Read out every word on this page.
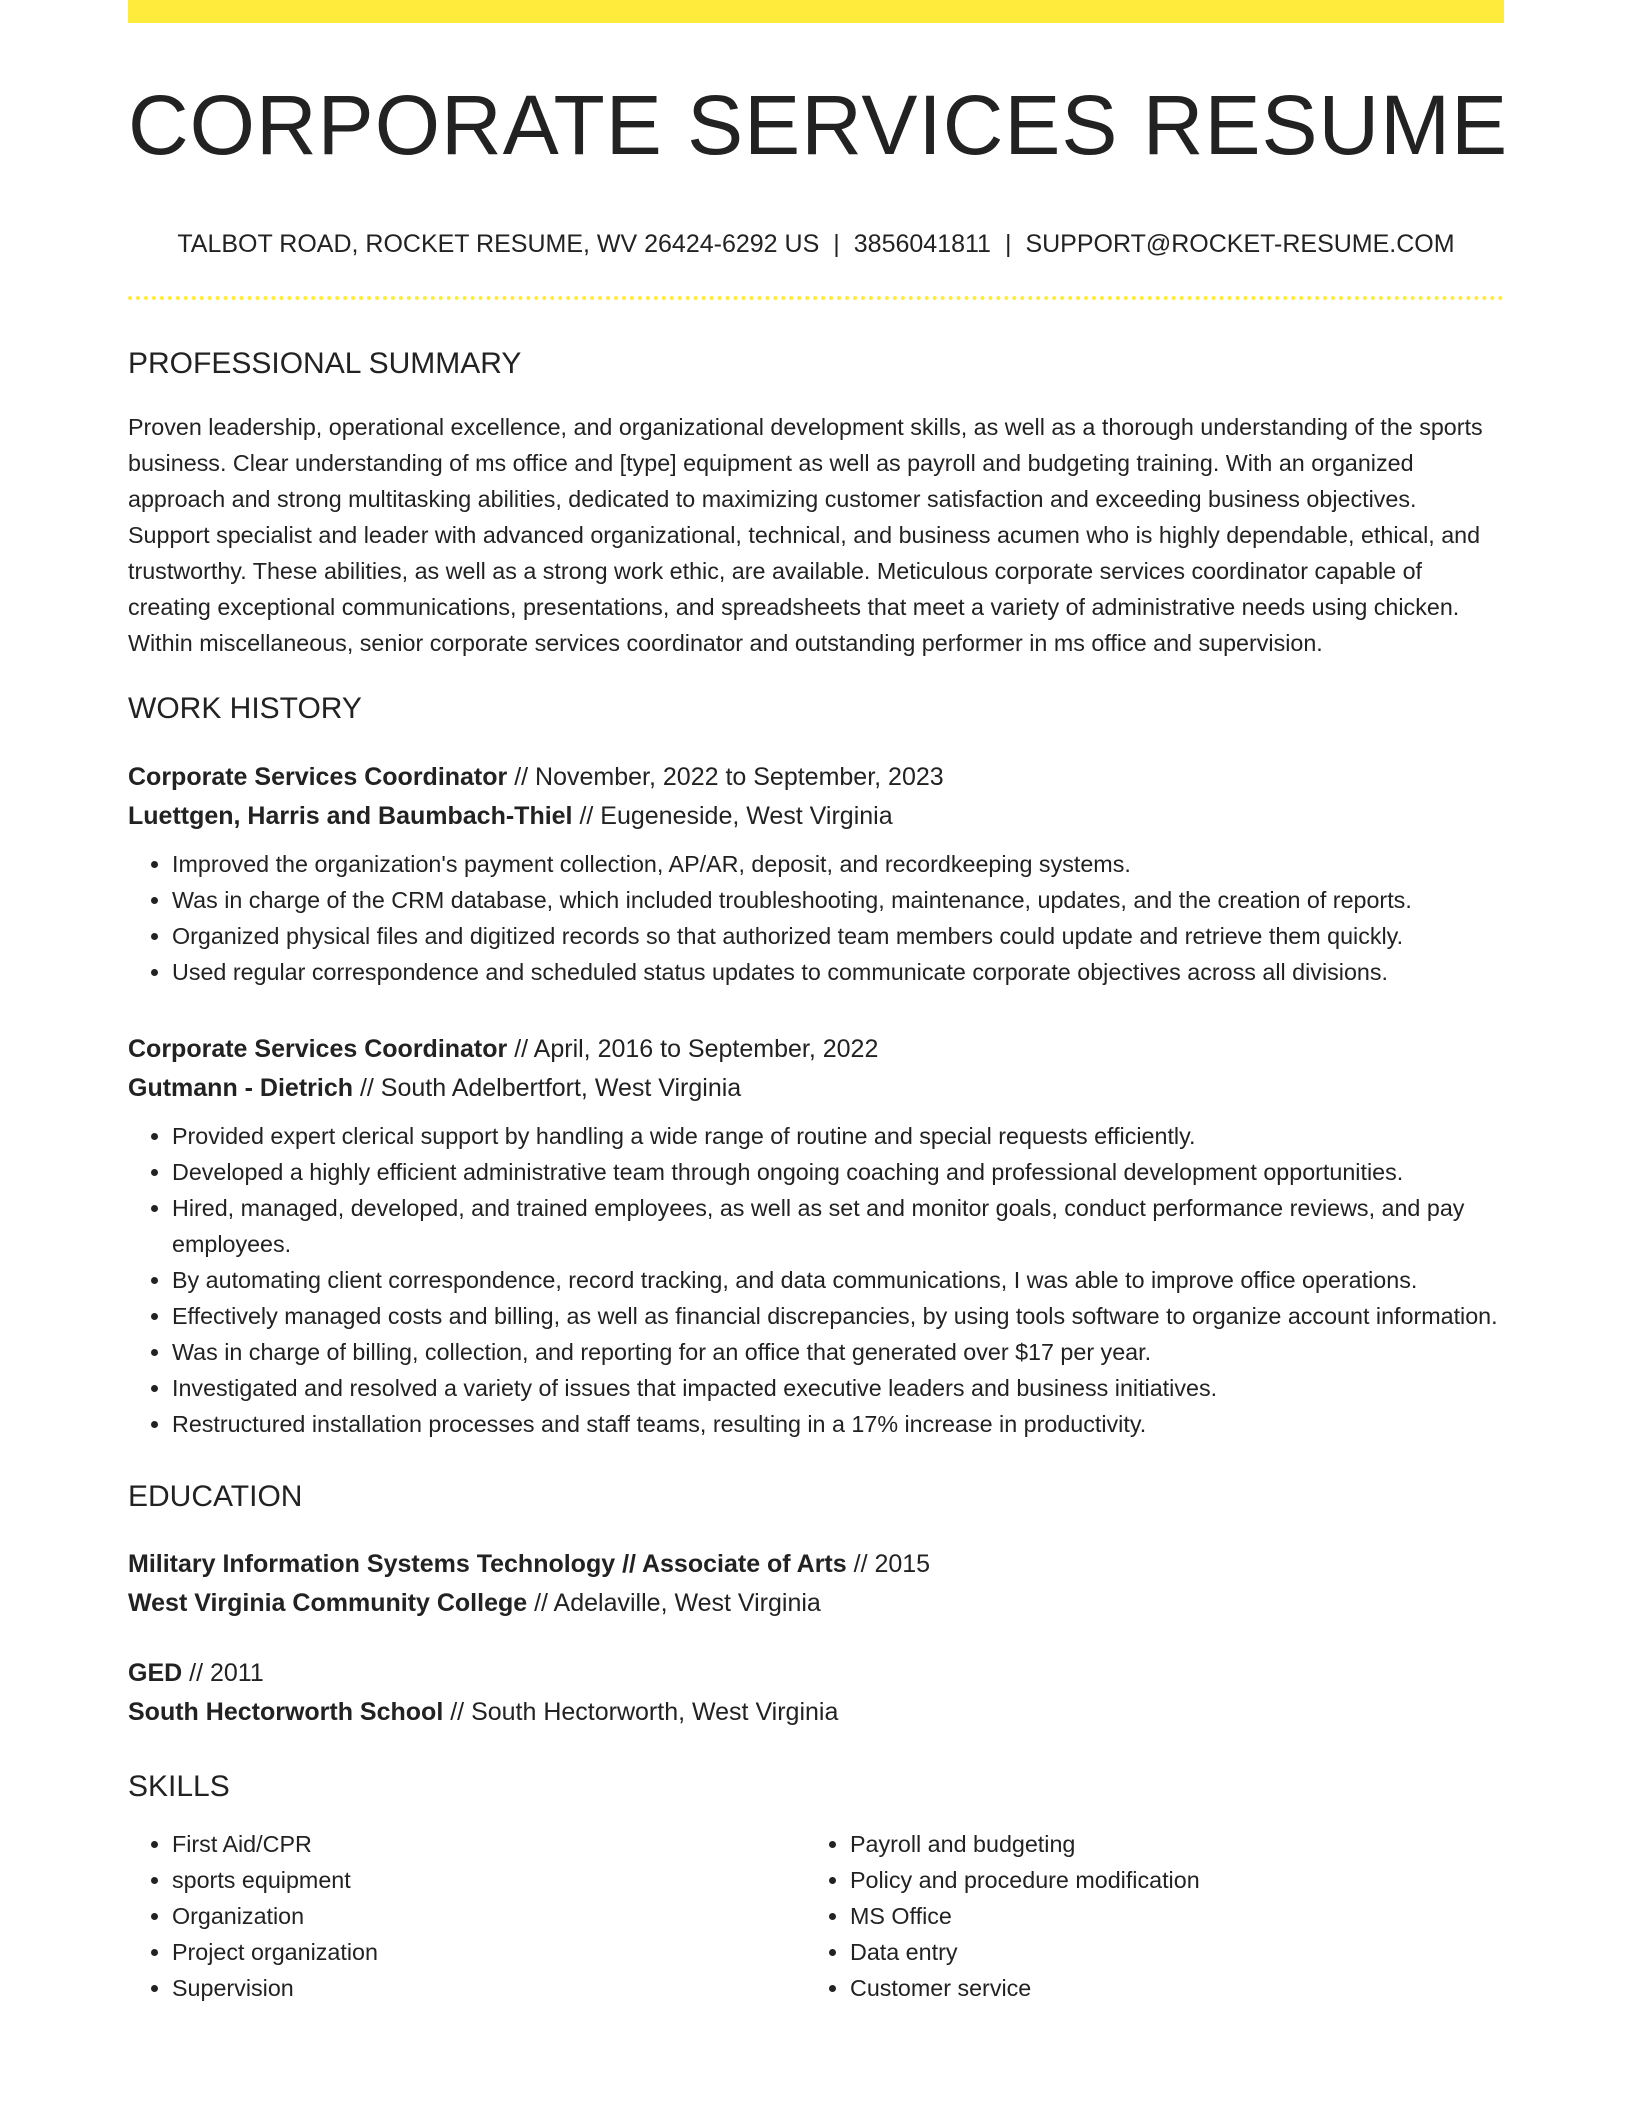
CORPORATE SERVICES RESUME
TALBOT ROAD, ROCKET RESUME, WV 26424-6292 US | 3856041811 | SUPPORT@ROCKET-RESUME.COM
PROFESSIONAL SUMMARY

Proven leadership, operational excellence, and organizational development skills, as well as a thorough understanding of the sports business. Clear understanding of ms office and [type] equipment as well as payroll and budgeting training. With an organized approach and strong multitasking abilities, dedicated to maximizing customer satisfaction and exceeding business objectives. Support specialist and leader with advanced organizational, technical, and business acumen who is highly dependable, ethical, and trustworthy. These abilities, as well as a strong work ethic, are available. Meticulous corporate services coordinator capable of creating exceptional communications, presentations, and spreadsheets that meet a variety of administrative needs using chicken. Within miscellaneous, senior corporate services coordinator and outstanding performer in ms office and supervision.

WORK HISTORY
Corporate Services Coordinator // November, 2022 to September, 2023
Luettgen, Harris and Baumbach-Thiel // Eugeneside, West Virginia
• Improved the organization's payment collection, AP/AR, deposit, and recordkeeping systems.
• Was in charge of the CRM database, which included troubleshooting, maintenance, updates, and the creation of reports.
• Organized physical files and digitized records so that authorized team members could update and retrieve them quickly.
• Used regular correspondence and scheduled status updates to communicate corporate objectives across all divisions.
Corporate Services Coordinator // April, 2016 to September, 2022
Gutmann - Dietrich // South Adelbertfort, West Virginia
• Provided expert clerical support by handling a wide range of routine and special requests efficiently.
• Developed a highly efficient administrative team through ongoing coaching and professional development opportunities.
• Hired, managed, developed, and trained employees, as well as set and monitor goals, conduct performance reviews, and pay employees.
• By automating client correspondence, record tracking, and data communications, I was able to improve office operations.
• Effectively managed costs and billing, as well as financial discrepancies, by using tools software to organize account information.
• Was in charge of billing, collection, and reporting for an office that generated over $17 per year.
• Investigated and resolved a variety of issues that impacted executive leaders and business initiatives.
• Restructured installation processes and staff teams, resulting in a 17% increase in productivity.
EDUCATION
Military Information Systems Technology // Associate of Arts // 2015
West Virginia Community College // Adelaville, West Virginia
GED // 2011
South Hectorworth School // South Hectorworth, West Virginia
SKILLS
• First Aid/CPR
• sports equipment
• Organization
• Project organization
• Supervision
• Payroll and budgeting
• Policy and procedure modification
• MS Office
• Data entry
• Customer service
